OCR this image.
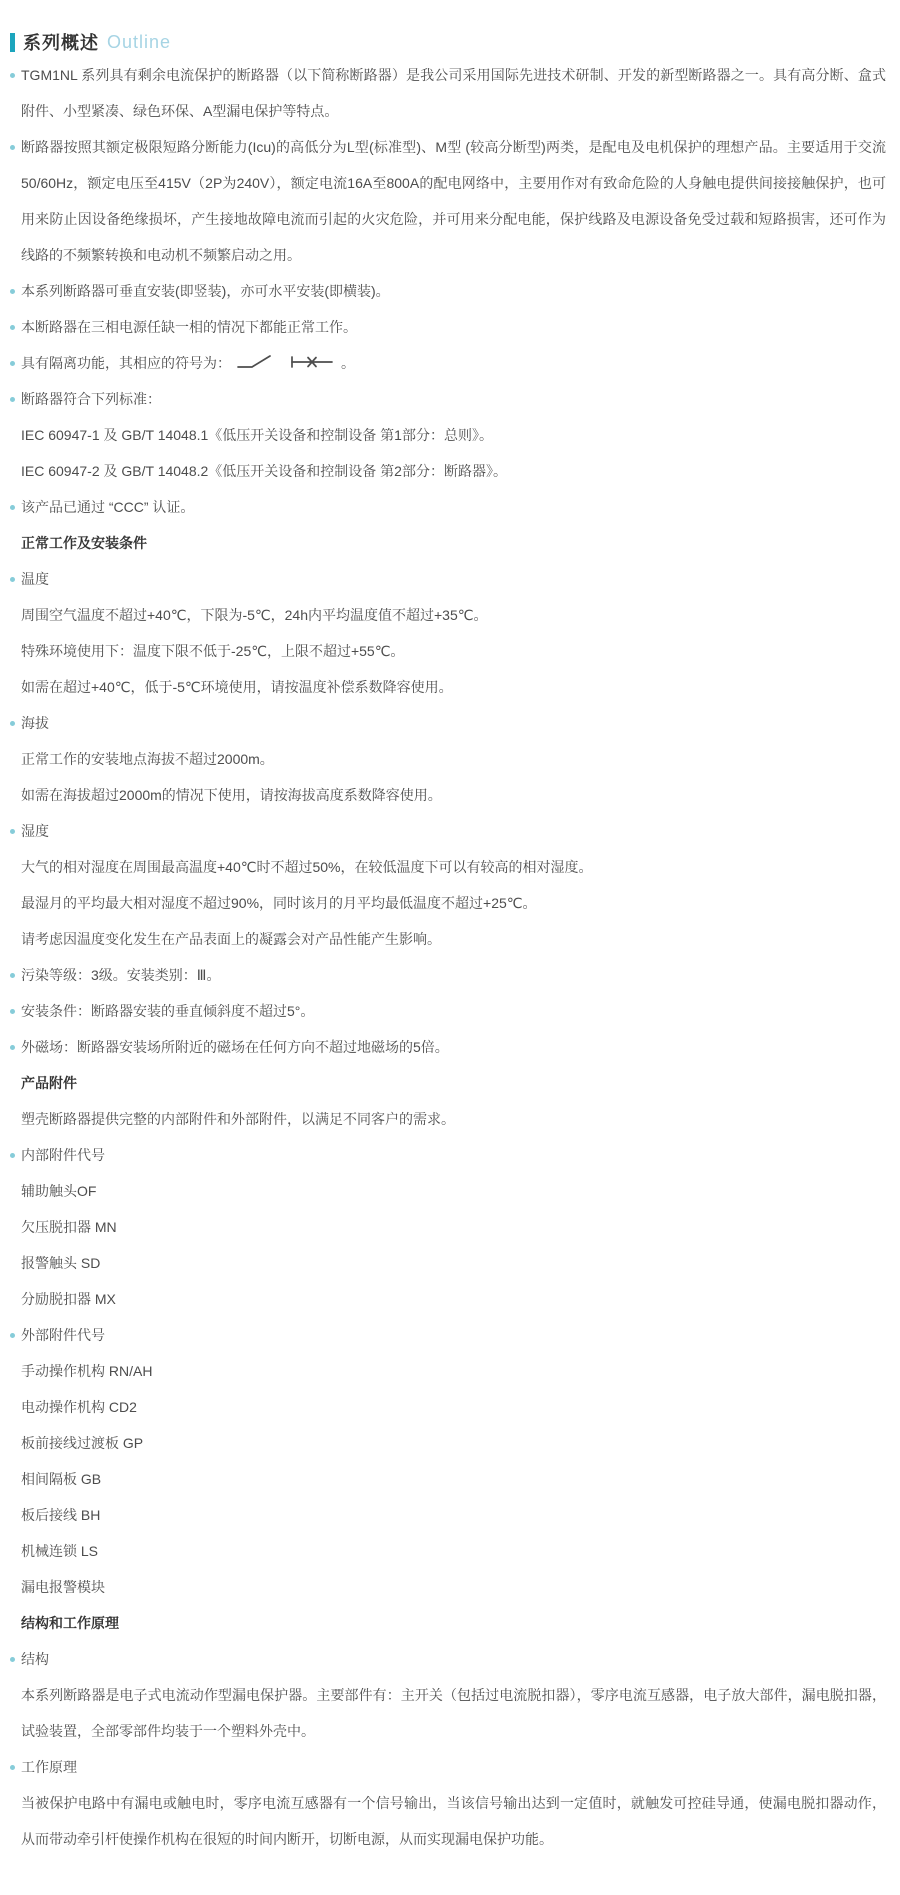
系列概述 Outline
TGM1NL 系列具有剩余电流保护的断路器（以下简称断路器）是我公司采用国际先进技术研制、开发的新型断路器之一。具有高分断、盒式附件、小型紧凑、绿色环保、A型漏电保护等特点。
断路器按照其额定极限短路分断能力(Icu)的高低分为L型(标准型)、M型 (较高分断型)两类，是配电及电机保护的理想产品。主要适用于交流 50/60Hz，额定电压至415V（2P为240V），额定电流16A至800A的配电网络中，主要用作对有致命危险的人身触电提供间接接触保护，也可用来防止因设备绝缘损坏，产生接地故障电流而引起的火灾危险，并可用来分配电能，保护线路及电源设备免受过载和短路损害，还可作为线路的不频繁转换和电动机不频繁启动之用。
本系列断路器可垂直安装(即竖装)，亦可水平安装(即横装)。
本断路器在三相电源任缺一相的情况下都能正常工作。
具有隔离功能，其相应的符号为：	。
断路器符合下列标准：
IEC 60947-1 及 GB/T 14048.1《低压开关设备和控制设备 第1部分：总则》。
IEC 60947-2 及 GB/T 14048.2《低压开关设备和控制设备 第2部分：断路器》。
该产品已通过 “CCC” 认证。
正常工作及安装条件
温度
周围空气温度不超过+40℃，下限为-5℃，24h内平均温度值不超过+35℃。
特殊环境使用下：温度下限不低于-25℃，上限不超过+55℃。
如需在超过+40℃，低于-5℃环境使用，请按温度补偿系数降容使用。
海拔
正常工作的安装地点海拔不超过2000m。
如需在海拔超过2000m的情况下使用，请按海拔高度系数降容使用。
湿度
大气的相对湿度在周围最高温度+40℃时不超过50%，在较低温度下可以有较高的相对湿度。
最湿月的平均最大相对湿度不超过90%，同时该月的月平均最低温度不超过+25℃。
请考虑因温度变化发生在产品表面上的凝露会对产品性能产生影响。
污染等级：3级。安装类别：Ⅲ。
安装条件：断路器安装的垂直倾斜度不超过5°。
外磁场：断路器安装场所附近的磁场在任何方向不超过地磁场的5倍。
产品附件
塑壳断路器提供完整的内部附件和外部附件，以满足不同客户的需求。
内部附件代号
辅助触头OF
欠压脱扣器 MN
报警触头 SD
分励脱扣器 MX
外部附件代号
手动操作机构 RN/AH
电动操作机构 CD2
板前接线过渡板 GP
相间隔板 GB
板后接线 BH
机械连锁 LS
漏电报警模块
结构和工作原理
结构
本系列断路器是电子式电流动作型漏电保护器。主要部件有：主开关（包括过电流脱扣器），零序电流互感器，电子放大部件，漏电脱扣器，试验装置，全部零部件均装于一个塑料外壳中。
工作原理
当被保护电路中有漏电或触电时，零序电流互感器有一个信号输出，当该信号输出达到一定值时，就触发可控硅导通，使漏电脱扣器动作，从而带动牵引杆使操作机构在很短的时间内断开，切断电源，从而实现漏电保护功能。
